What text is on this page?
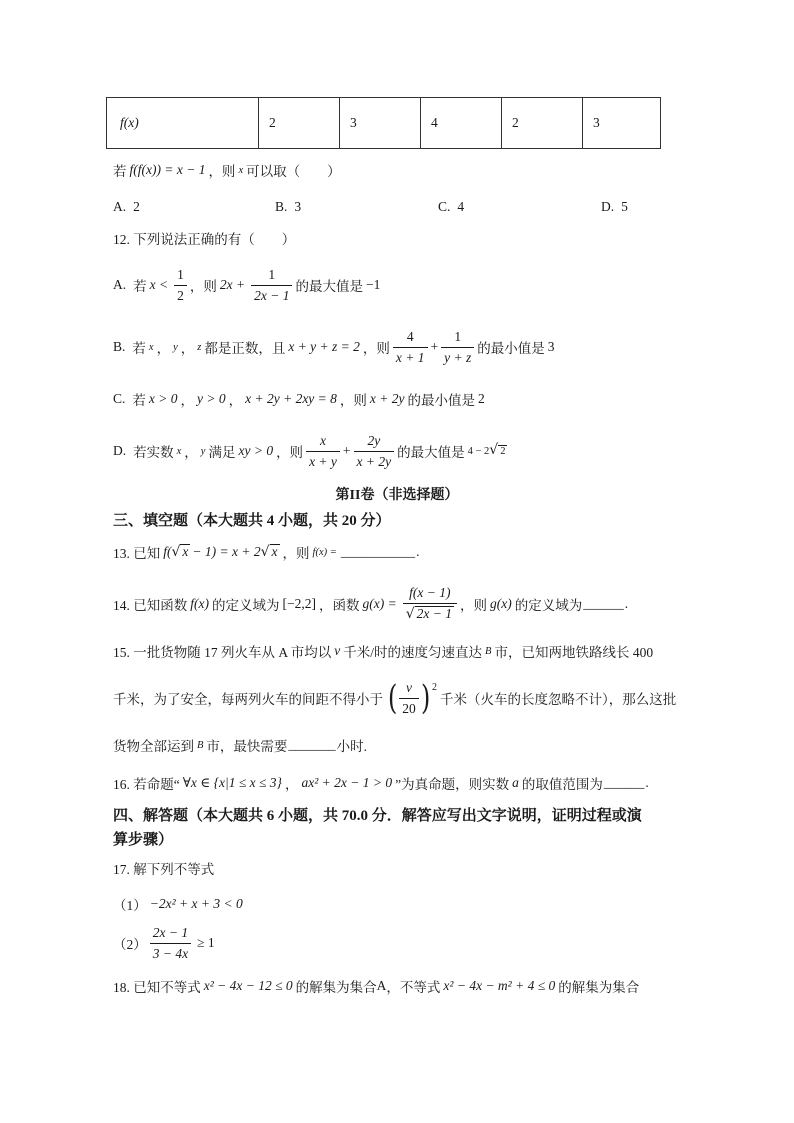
f(x)	2	3	4	2	3
若 f(f(x)) = x − 1 ，则 x 可以取（　　）
A. 2	B. 3	C. 4	D. 5
12. 下列说法正确的有（　　）
A. 若 $x < \frac{1}{2}$ ，则 $2x + \frac{1}{2x - 1}$ 的最大值是 −1
B. 若 x ， y ， z 都是正数，且 x + y + z = 2 ，则 $\frac{4}{x + 1} + \frac{1}{y + z}$ 的最小值是 3
C. 若 x > 0 ， y > 0 ， x + 2y + 2xy = 8 ，则 x + 2y 的最小值是 2
D. 若实数 x ， y 满足 xy > 0 ，则 $\frac{x}{x + y} + \frac{2y}{x + 2y}$ 的最大值是 4 − 2 √ 2
第II卷（非选择题）
三、填空题（本大题共 4 小题，共 20 分）
13. 已知 f( √ x − 1) = x + 2 √ x ，则 f(x) = ___________ .
14. 已知函数 f(x) 的定义域为 [−2,2] ，函数 $g(x) = \frac{f(x - 1)}{√ 2x - 1}$ ，则 g(x) 的定义域为 ______ .
15. 一批货物随 17 列火车从 A 市均以 v 千米/时的速度匀速直达 B 市，已知两地铁路线长 400
千米，为了安全，每两列火车的间距不得小于 ( $\frac{v}{20}$ ) 2
千米（火车的长度忽略不计），那么这批
货物全部运到 B 市，最快需要 _______ 小时.
16. 若命题“ ∀x ∈ {x|1 ≤ x ≤ 3} ， ax² + 2x − 1 > 0 ”为真命题，则实数 a 的取值范围为 ______ .
四、解答题（本大题共 6 小题，共 70.0 分．解答应写出文字说明，证明过程或演
算步骤）
17. 解下列不等式
（1） −2x² + x + 3 < 0
$(2) \frac{2x - 1}{3 - 4x} \ge 1$
18. 已知不等式 x² − 4x − 12 ≤ 0 的解集为集合 A ，不等式 x² − 4x − m² + 4 ≤ 0 的解集为集合
